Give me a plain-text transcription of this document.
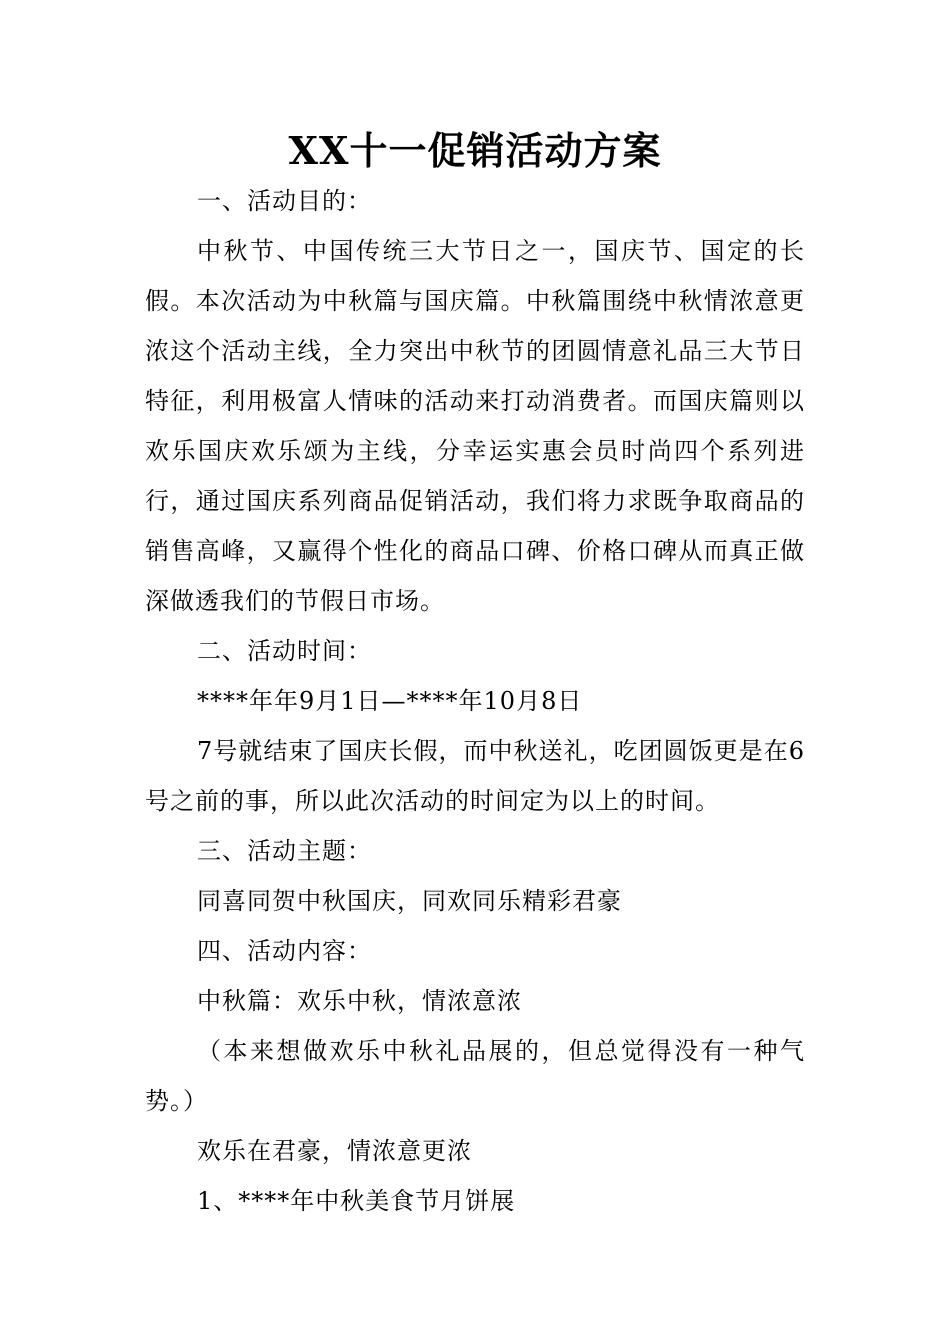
XX十一促销活动方案

一、活动目的：

中秋节、中国传统三大节日之一，国庆节、国定的长假。本次活动为中秋篇与国庆篇。中秋篇围绕中秋情浓意更浓这个活动主线，全力突出中秋节的团圆情意礼品三大节日特征，利用极富人情味的活动来打动消费者。而国庆篇则以欢乐国庆欢乐颂为主线，分幸运实惠会员时尚四个系列进行，通过国庆系列商品促销活动，我们将力求既争取商品的销售高峰，又赢得个性化的商品口碑、价格口碑从而真正做深做透我们的节假日市场。

二、活动时间：

****年年9月1日—****年10月8日

7号就结束了国庆长假，而中秋送礼，吃团圆饭更是在6号之前的事，所以此次活动的时间定为以上的时间。

三、活动主题：

同喜同贺中秋国庆，同欢同乐精彩君豪

四、活动内容：

中秋篇：欢乐中秋，情浓意浓

（本来想做欢乐中秋礼品展的，但总觉得没有一种气势。）

欢乐在君豪，情浓意更浓

1、****年中秋美食节月饼展
